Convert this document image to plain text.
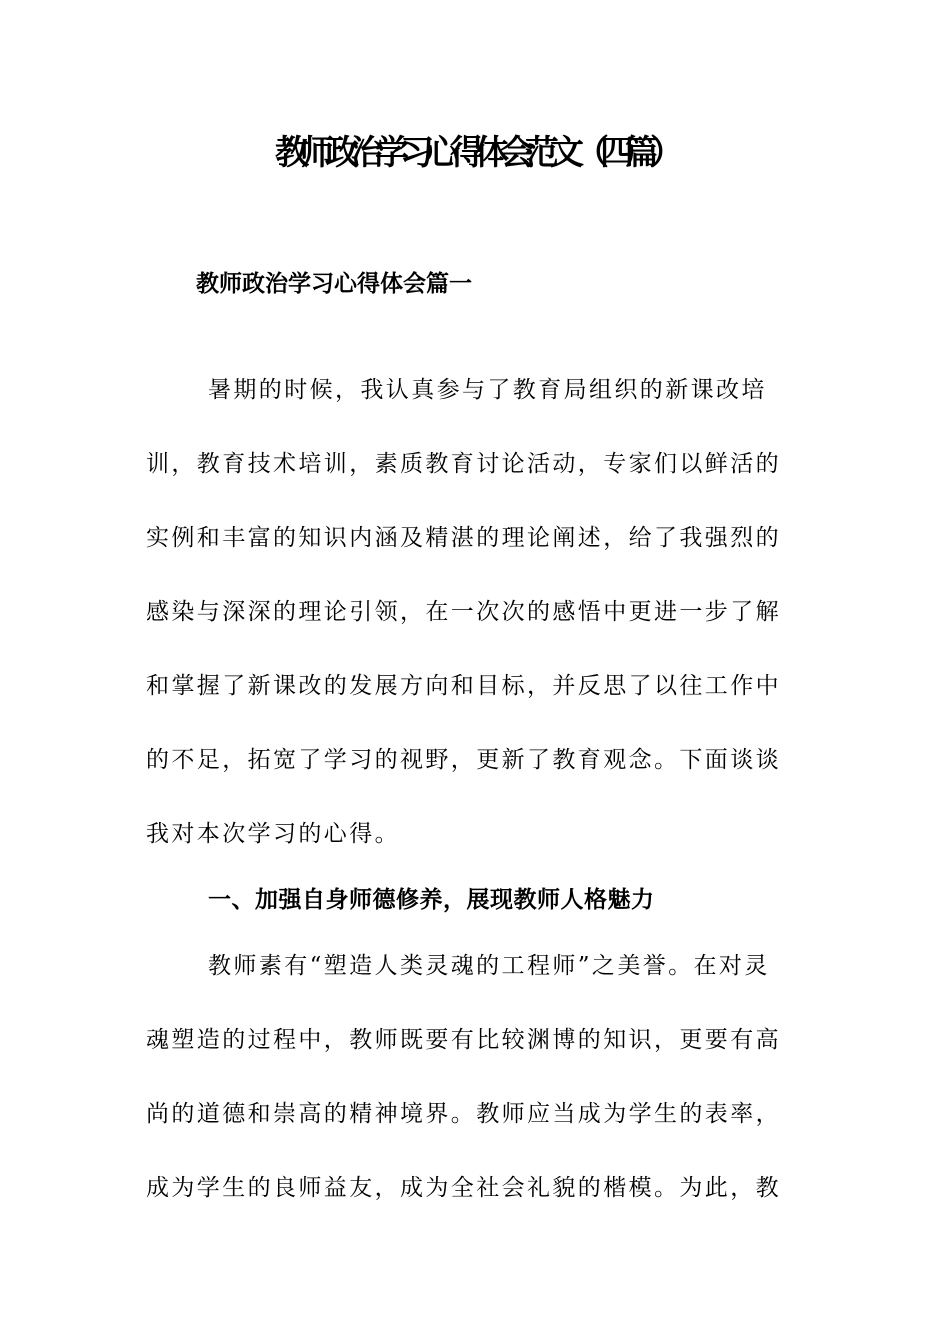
教师政治学习心得体会范文（四篇）
教师政治学习心得体会篇一
暑期的时候，我认真参与了教育局组织的新课改培
训，教育技术培训，素质教育讨论活动，专家们以鲜活的
实例和丰富的知识内涵及精湛的理论阐述，给了我强烈的
感染与深深的理论引领，在一次次的感悟中更进一步了解
和掌握了新课改的发展方向和目标，并反思了以往工作中
的不足，拓宽了学习的视野，更新了教育观念。下面谈谈
我对本次学习的心得。
一、加强自身师德修养，展现教师人格魅力
教师素有“塑造人类灵魂的工程师”之美誉。在对灵
魂塑造的过程中，教师既要有比较渊博的知识，更要有高
尚的道德和崇高的精神境界。教师应当成为学生的表率，
成为学生的良师益友，成为全社会礼貌的楷模。为此，教
